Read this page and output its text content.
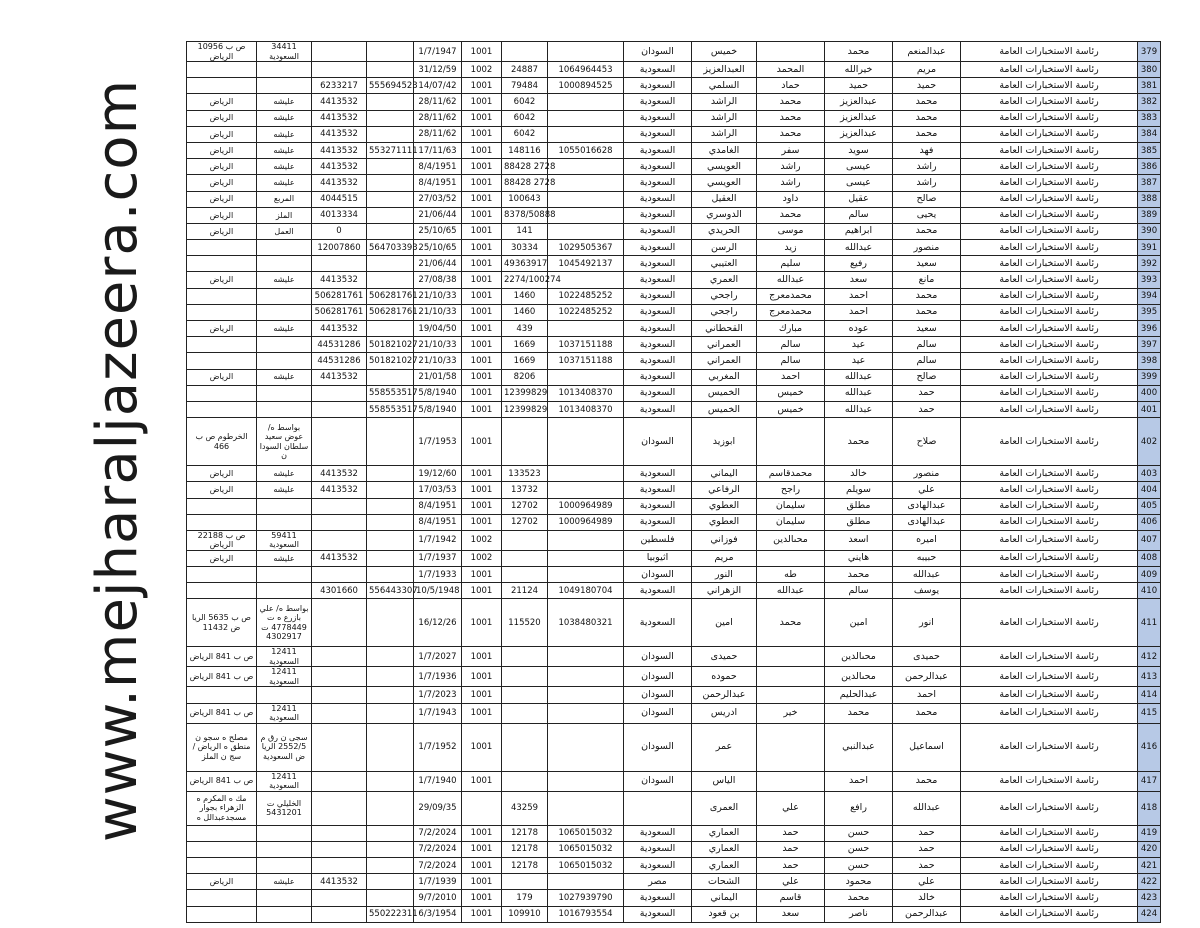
www.mejharaljazeera.com
ص ب 10956 الرياض	34411 السعودية			1/7/1947	1001			السودان	خميس		محمد	عبدالمنعم	رئاسة الاستخبارات العامة	379
				31/12/59	1002	24887	1064964453	السعودية	العبدالعزيز	المحمد	خيرالله	مريم	رئاسة الاستخبارات العامة	380
		6233217	555694523	14/07/42	1001	79484	1000894525	السعودية	السلمي	حماد	حميد	حميد	رئاسة الاستخبارات العامة	381
الرياض	عليشه	4413532		28/11/62	1001	6042		السعودية	الراشد	محمد	عبدالعزيز	محمد	رئاسة الاستخبارات العامة	382
الرياض	عليشه	4413532		28/11/62	1001	6042		السعودية	الراشد	محمد	عبدالعزيز	محمد	رئاسة الاستخبارات العامة	383
الرياض	عليشه	4413532		28/11/62	1001	6042		السعودية	الراشد	محمد	عبدالعزيز	محمد	رئاسة الاستخبارات العامة	384
الرياض	عليشه	4413532	553271111	17/11/63	1001	148116	1055016628	السعودية	الغامدي	سفر	سويد	فهد	رئاسة الاستخبارات العامة	385
الرياض	عليشه	4413532		8/4/1951	1001	88428 2728		السعودية	العويسي	راشد	عيسى	راشد	رئاسة الاستخبارات العامة	386
الرياض	عليشه	4413532		8/4/1951	1001	88428 2728		السعودية	العويسي	راشد	عيسى	راشد	رئاسة الاستخبارات العامة	387
الرياض	المربع	4044515		27/03/52	1001	100643		السعودية	العقيل	داود	عقيل	صالح	رئاسة الاستخبارات العامة	388
الرياض	الملز	4013334		21/06/44	1001	8378/50888		السعودية	الدوسري	محمد	سالم	يحيى	رئاسة الاستخبارات العامة	389
الرياض	العمل	0		25/10/65	1001	141		السعودية	الحريدي	موسى	ابراهيم	محمد	رئاسة الاستخبارات العامة	390
		12007860	564703393	25/10/65	1001	30334	1029505367	السعودية	الرسن	زيد	عبدالله	منصور	رئاسة الاستخبارات العامة	391
				21/06/44	1001	49363917	1045492137	السعودية	العتيبي	سليم	رفيع	سعيد	رئاسة الاستخبارات العامة	392
الرياض	عليشه	4413532		27/08/38	1001	2274/100274		السعودية	العمري	عبدالله	سعد	مانع	رئاسة الاستخبارات العامة	393
		506281761	506281761	21/10/33	1001	1460	1022485252	السعودية	راجحي	محمدمعرج	احمد	محمد	رئاسة الاستخبارات العامة	394
		506281761	506281761	21/10/33	1001	1460	1022485252	السعودية	راجحي	محمدمعرج	احمد	محمد	رئاسة الاستخبارات العامة	395
الرياض	عليشه	4413532		19/04/50	1001	439		السعودية	القحطاني	مبارك	عوده	سعيد	رئاسة الاستخبارات العامة	396
		44531286	501821027	21/10/33	1001	1669	1037151188	السعودية	العمراني	سالم	عيد	سالم	رئاسة الاستخبارات العامة	397
		44531286	501821027	21/10/33	1001	1669	1037151188	السعودية	العمراني	سالم	عيد	سالم	رئاسة الاستخبارات العامة	398
الرياض	عليشه	4413532		21/01/58	1001	8206		السعودية	المغربي	احمد	عبدالله	صالح	رئاسة الاستخبارات العامة	399
			558553517	5/8/1940	1001	12399829	1013408370	السعودية	الخميس	خميس	عبدالله	حمد	رئاسة الاستخبارات العامة	400
			558553517	5/8/1940	1001	12399829	1013408370	السعودية	الخميس	خميس	عبدالله	حمد	رئاسة الاستخبارات العامة	401
الخرطوم ص ب 466	بواسط ه/ عوض سعيد سلطان السودا ن			1/7/1953	1001			السودان	ابوزيد		محمد	صلاح	رئاسة الاستخبارات العامة	402
الرياض	عليشه	4413532		19/12/60	1001	133523		السعودية	اليماني	محمدقاسم	خالد	منصور	رئاسة الاستخبارات العامة	403
الرياض	عليشه	4413532		17/03/53	1001	13732		السعودية	الرفاعي	راجح	سويلم	علي	رئاسة الاستخبارات العامة	404
				8/4/1951	1001	12702	1000964989	السعودية	العطوي	سليمان	مطلق	عبدالهادى	رئاسة الاستخبارات العامة	405
				8/4/1951	1001	12702	1000964989	السعودية	العطوي	سليمان	مطلق	عبدالهادى	رئاسة الاستخبارات العامة	406
ص ب 22188 الرياض	59411 السعودية			1/7/1942	1002			فلسطين	فوزاني	محىالدين	اسعد	اميره	رئاسة الاستخبارات العامة	407
الرياض	عليشه	4413532		1/7/1937	1002			اثيوبيا	مريم		هايني	حبيبه	رئاسة الاستخبارات العامة	408
				1/7/1933	1001			السودان	النور	طه	محمد	عبدالله	رئاسة الاستخبارات العامة	409
		4301660	556443307	10/5/1948	1001	21124	1049180704	السعودية	الزهراني	عبدالله	سالم	يوسف	رئاسة الاستخبارات العامة	410
ص ب 5635 الريا ض 11432	بواسط ه/ علي بازرع ه ت 4778449 ت 4302917			16/12/26	1001	115520	1038480321	السعودية	امين	محمد	امين	انور	رئاسة الاستخبارات العامة	411
ص ب 841 الرياض	12411 السعودية			1/7/2027	1001			السودان	حميدى		محىالدين	حميدى	رئاسة الاستخبارات العامة	412
ص ب 841 الرياض	12411 السعودية			1/7/1936	1001			السودان	حموده		محىالدين	عبدالرحمن	رئاسة الاستخبارات العامة	413
				1/7/2023	1001			السودان	عبدالرحمن		عبدالحليم	احمد	رئاسة الاستخبارات العامة	414
ص ب 841 الرياض	12411 السعودية			1/7/1943	1001			السودان	ادريس	خير	محمد	محمد	رئاسة الاستخبارات العامة	415
مصلح ه سجو ن منطق ه الرياض /سج ن الملز	سجى ن رق م 2552/5 الريا ض السعودية			1/7/1952	1001			السودان	عمر		عبدالنبي	اسماعيل	رئاسة الاستخبارات العامة	416
ص ب 841 الرياض	12411 السعودية			1/7/1940	1001			السودان	الياس		احمد	محمد	رئاسة الاستخبارات العامة	417
مك ه المكرم ه الزهراء بجوار مسجدعبدالل ه	الخليلي ت 5431201			29/09/35		43259			العمرى	علي	رافع	عبدالله	رئاسة الاستخبارات العامة	418
				7/2/2024	1001	12178	1065015032	السعودية	العماري	حمد	حسن	حمد	رئاسة الاستخبارات العامة	419
				7/2/2024	1001	12178	1065015032	السعودية	العماري	حمد	حسن	حمد	رئاسة الاستخبارات العامة	420
				7/2/2024	1001	12178	1065015032	السعودية	العماري	حمد	حسن	حمد	رئاسة الاستخبارات العامة	421
الرياض	عليشه	4413532		1/7/1939	1001			مصر	الشحات	علي	محمود	علي	رئاسة الاستخبارات العامة	422
				9/7/2010	1001	179	1027939790	السعودية	اليماني	قاسم	محمد	خالد	رئاسة الاستخبارات العامة	423
			550222311	6/3/1954	1001	109910	1016793554	السعودية	بن قعود	سعد	ناصر	عبدالرحمن	رئاسة الاستخبارات العامة	424
